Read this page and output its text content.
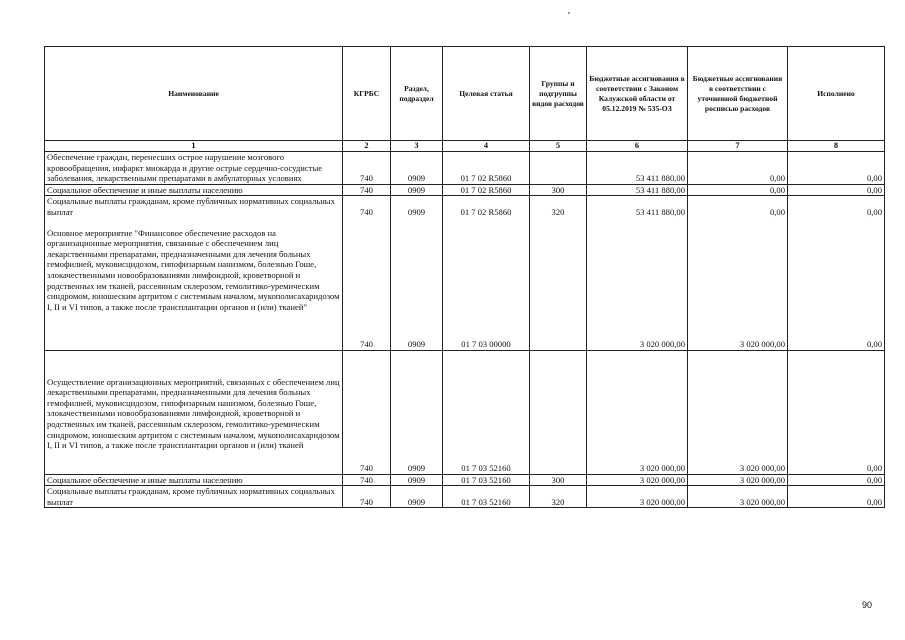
Наименование	КГРБС	Раздел, подраздел	Целевая статья	Группы и подгруппы видов расходов	Бюджетные ассигнования в соответствии с Законом Калужской области от 05.12.2019 № 535-ОЗ	Бюджетные ассигнования в соответствии с уточненной бюджетной росписью расходов	Исполнено
1	2	3	4	5	6	7	8
Обеспечение граждан, перенесших острое нарушение мозгового кровообращения, инфаркт миокарда и другие острые сердечно-сосудистые заболевания, лекарственными препаратами в амбулаторных условиях	740	0909	01 7 02 R5860		53 411 880,00	0,00	0,00
Социальное обеспечение и иные выплаты населению	740	0909	01 7 02 R5860	300	53 411 880,00	0,00	0,00
Социальные выплаты гражданам, кроме публичных нормативных социальных выплат	740	0909	01 7 02 R5860	320	53 411 880,00	0,00	0,00
Основное мероприятие "Финансовое обеспечение расходов на организационные мероприятия, связанные с обеспечением лиц лекарственными препаратами, предназначенными для лечения больных гемофилией, муковисцидозом, гипофизарным нанизмом, болезнью Гоше, злокачественными новообразованиями лимфоидной, кроветворной и родственных им тканей, рассеянным склерозом, гемолитико-уремическим синдромом, юношеским артритом с системным началом, мукополисахаридозом I, II и VI типов, а также после трансплантации органов и (или) тканей"	740	0909	01 7 03 00000		3 020 000,00	3 020 000,00	0,00
Осуществление организационных мероприятий, связанных с обеспечением лиц лекарственными препаратами, предназначенными для лечения больных гемофилией, муковисцидозом, гипофизарным нанизмом, болезнью Гоше, злокачественными новообразованиями лимфоидной, кроветворной и родственных им тканей, рассеянным склерозом, гемолитико-уремическим синдромом, юношеским артритом с системным началом, мукополисахаридозом I, II и VI типов, а также после трансплантации органов и (или) тканей	740	0909	01 7 03 52160		3 020 000,00	3 020 000,00	0,00
Социальное обеспечение и иные выплаты населению	740	0909	01 7 03 52160	300	3 020 000,00	3 020 000,00	0,00
Социальные выплаты гражданам, кроме публичных нормативных социальных выплат	740	0909	01 7 03 52160	320	3 020 000,00	3 020 000,00	0,00
90
